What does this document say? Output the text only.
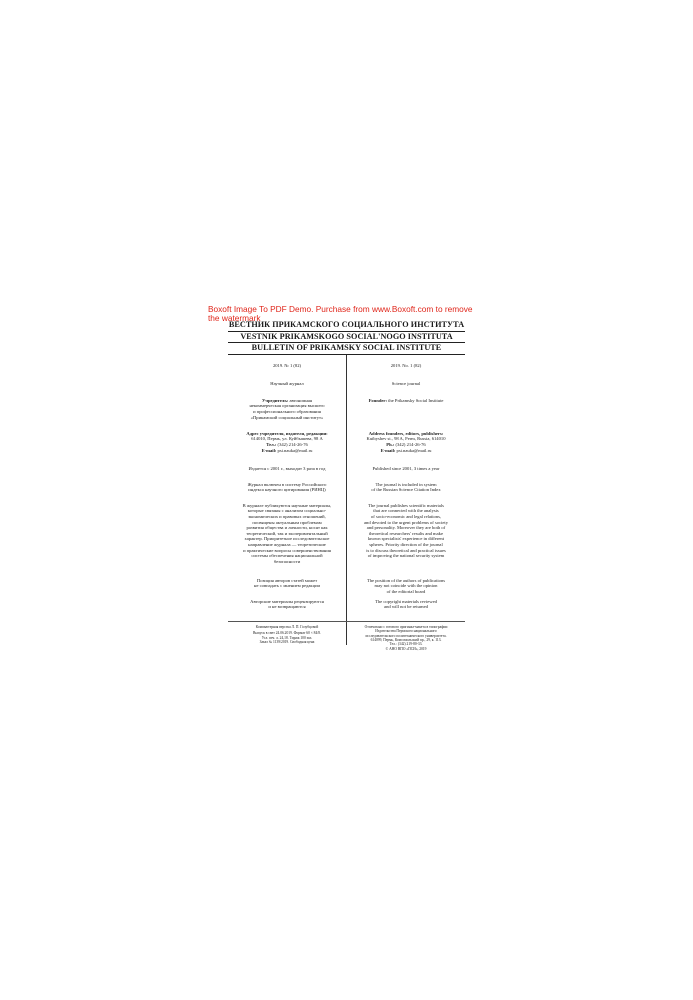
Boxoft Image To PDF Demo. Purchase from www.Boxoft.com to remove the watermark
ВЕСТНИК ПРИКАМСКОГО СОЦИАЛЬНОГО ИНСТИТУТА
VESTNIK PRIKAMSKOGO SOCIAL'NOGO INSTITUTA
BULLETIN OF PRIKAMSKY SOCIAL INSTITUTE
2019. № 1 (82)
Научный журнал
Учредитель: автономная
некоммерческая организация высшего
и профессионального образования
«Прикамский социальный институт»
Адрес учредителя, издателя, редакции:
614010, Пермь, ул. Куйбышева, 98 А
Тел.: (342) 214-26-76
E-mail: psi.nauka@mail.ru
Издается с 2001 г., выходит 3 раза в год
Журнал включен в систему Российского
индекса научного цитирования (РИНЦ)
В журнале публикуются научные материалы,
которые связаны с анализом социально-
экономических и правовых отношений,
посвящены актуальным проблемам
развития общества и личности, носят как
теоретический, так и экспериментальный
характер. Приоритетное исследовательское
направление журнала — теоретические
и практические вопросы совершенствования
системы обеспечения национальной
безопасности
Позиция авторов статей может
не совпадать с мнением редакции
Авторские материалы рецензируются
и не возвращаются
Компьютерная верстка Л. П. Голубцовой
Выпуск в свет 24.06.2019. Формат 60 × 84/8.
Усл. печ. л. 24,18. Тираж 100 экз.
Заказ № 1139/2019. Свободная цена
2019. No. 1 (82)
Science journal
Founder: the Prikamsky Social Institute
Address founders, editors, publishers:
Kuibyshev st., 98 A, Perm, Russia, 614010
Ph.: (342) 214-26-76
E-mail: psi.nauka@mail.ru
Published since 2001, 3 times a year
The journal is included in system
of the Russian Science Citation Index
The journal publishes scientific materials
that are connected with the analysis
of socio-economic and legal relations,
and devoted to the urgent problems of society
and personality. Moreover they are both of
theoretical researchers' results and make
known specialists' experience in different
spheres. Priority direction of the journal
is to discuss theoretical and practical issues
of improving the national security system
The position of the authors of publications
may not coincide with the opinion
of the editorial board
The copyright materials reviewed
and will not be returned
Отпечатано с готового оригинал-макета в типографии
Издательства Пермского национального
исследовательского политехнического университета.
614099, Пермь, Комсомольский пр., 29, к. 113.
Тел.: (342) 219-80-33.
© АНО ВПО «ПСИ», 2019
